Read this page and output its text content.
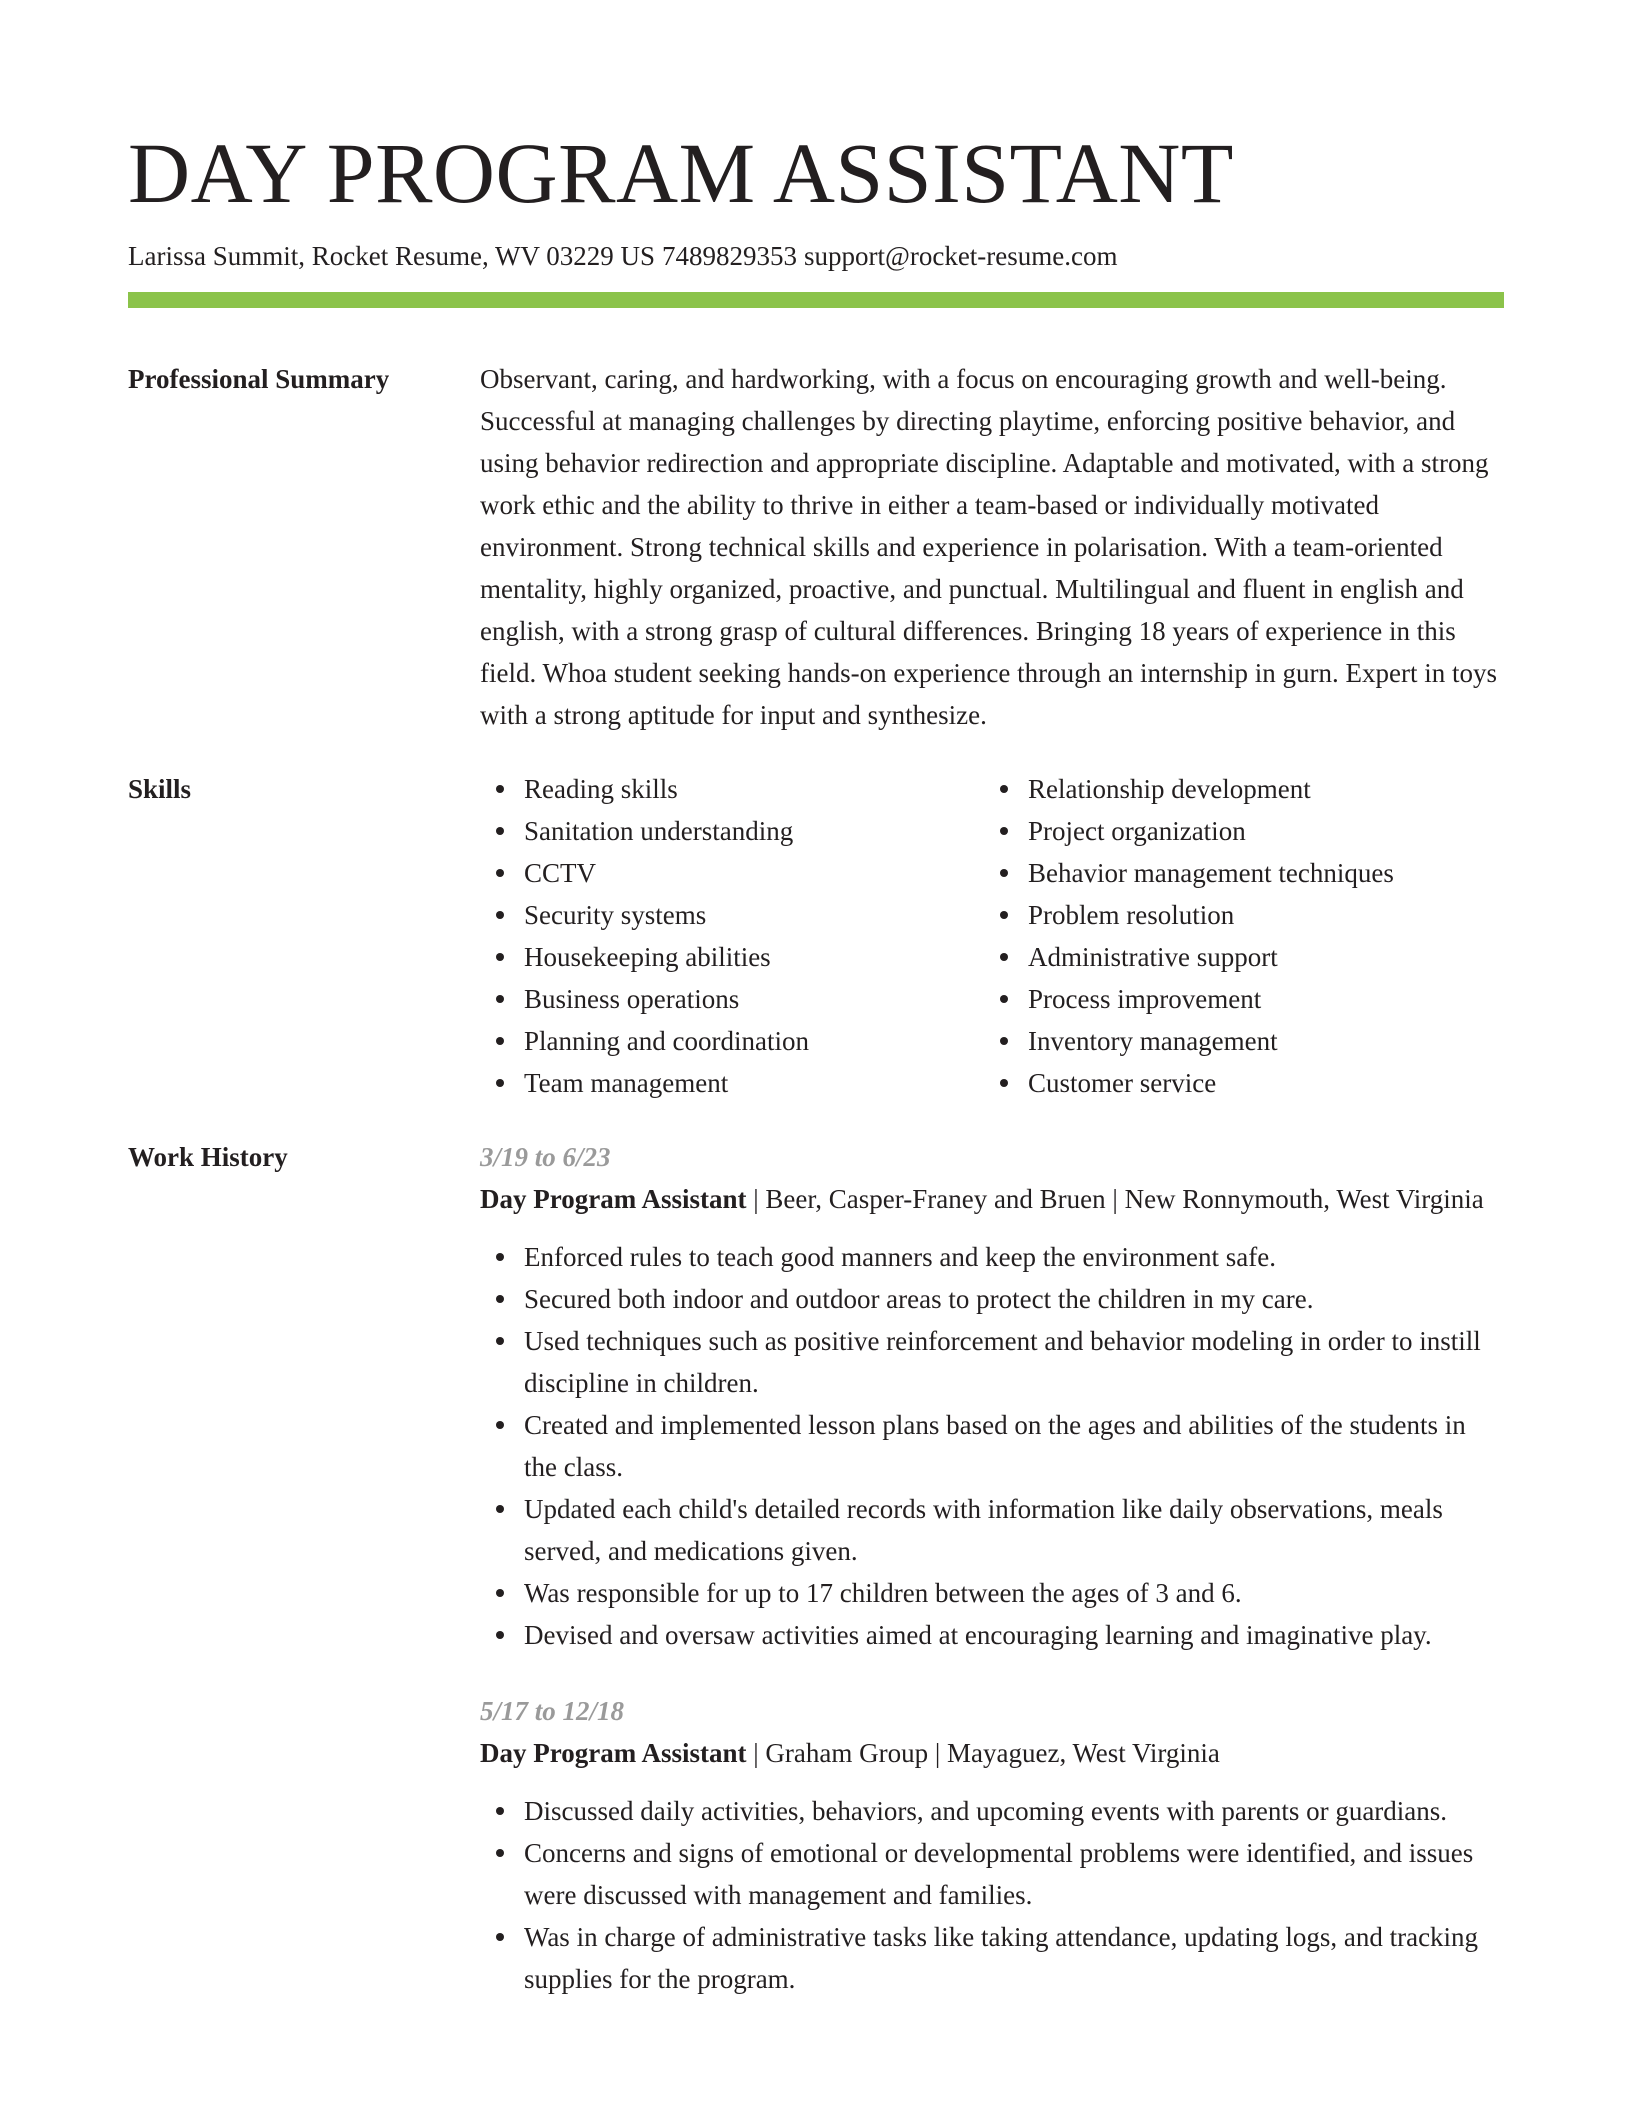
DAY PROGRAM ASSISTANT
Larissa Summit, Rocket Resume, WV 03229 US 7489829353 support@rocket-resume.com
Professional Summary	Observant, caring, and hardworking, with a focus on encouraging growth and well-being. Successful at managing challenges by directing playtime, enforcing positive behavior, and using behavior redirection and appropriate discipline. Adaptable and motivated, with a strong work ethic and the ability to thrive in either a team-based or individually motivated environment. Strong technical skills and experience in polarisation. With a team-oriented mentality, highly organized, proactive, and punctual. Multilingual and fluent in english and english, with a strong grasp of cultural differences. Bringing 18 years of experience in this field. Whoa student seeking hands-on experience through an internship in gurn. Expert in toys with a strong aptitude for input and synthesize.
Skills	Reading skills
Sanitation understanding
CCTV
Security systems
Housekeeping abilities
Business operations
Planning and coordination
Team management
Relationship development
Project organization
Behavior management techniques
Problem resolution
Administrative support
Process improvement
Inventory management
Customer service
Work History	3/19 to 6/23
Day Program Assistant | Beer, Casper-Franey and Bruen | New Ronnymouth, West Virginia
Enforced rules to teach good manners and keep the environment safe.
Secured both indoor and outdoor areas to protect the children in my care.
Used techniques such as positive reinforcement and behavior modeling in order to instill discipline in children.
Created and implemented lesson plans based on the ages and abilities of the students in the class.
Updated each child's detailed records with information like daily observations, meals served, and medications given.
Was responsible for up to 17 children between the ages of 3 and 6.
Devised and oversaw activities aimed at encouraging learning and imaginative play.
5/17 to 12/18
Day Program Assistant | Graham Group | Mayaguez, West Virginia
Discussed daily activities, behaviors, and upcoming events with parents or guardians.
Concerns and signs of emotional or developmental problems were identified, and issues were discussed with management and families.
Was in charge of administrative tasks like taking attendance, updating logs, and tracking supplies for the program.
